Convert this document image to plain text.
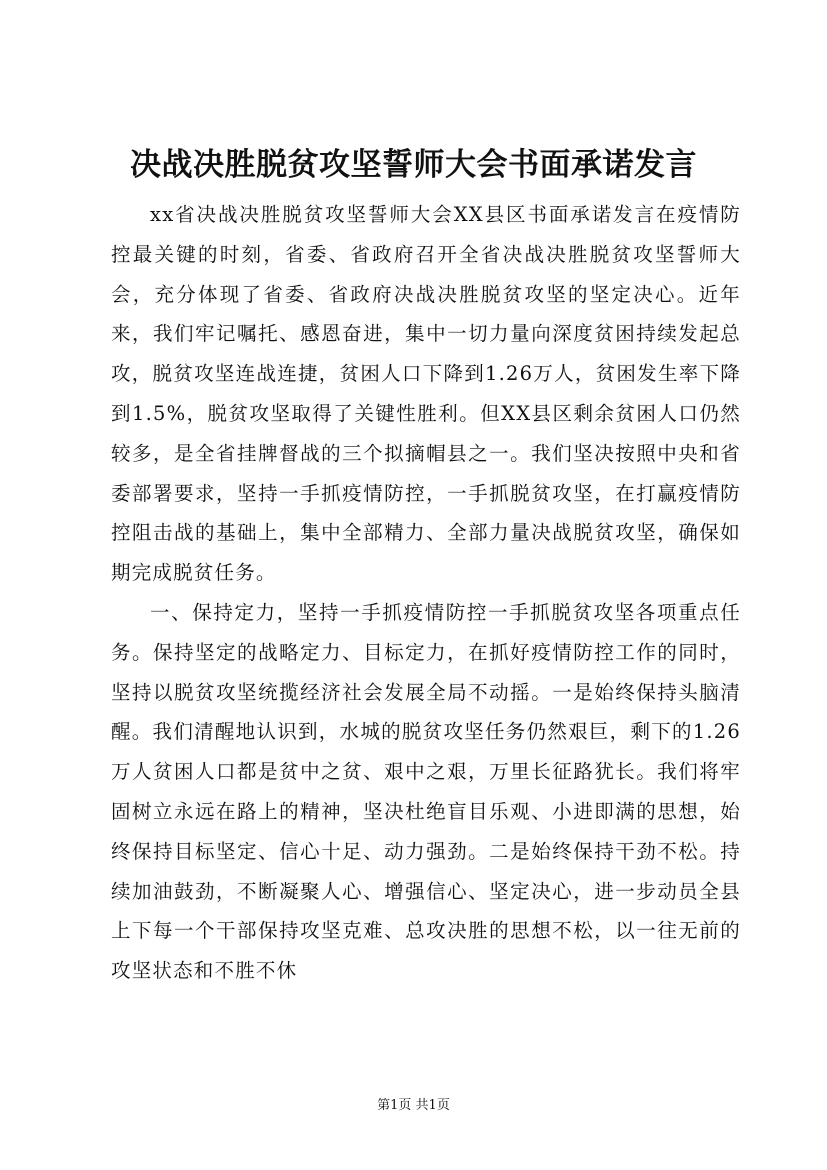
决战决胜脱贫攻坚誓师大会书面承诺发言

xx省决战决胜脱贫攻坚誓师大会XX县区书面承诺发言在疫情防控最关键的时刻，省委、省政府召开全省决战决胜脱贫攻坚誓师大会，充分体现了省委、省政府决战决胜脱贫攻坚的坚定决心。近年来，我们牢记嘱托、感恩奋进，集中一切力量向深度贫困持续发起总攻，脱贫攻坚连战连捷，贫困人口下降到1.26万人，贫困发生率下降到1.5%，脱贫攻坚取得了关键性胜利。但XX县区剩余贫困人口仍然较多，是全省挂牌督战的三个拟摘帽县之一。我们坚决按照中央和省委部署要求，坚持一手抓疫情防控，一手抓脱贫攻坚，在打赢疫情防控阻击战的基础上，集中全部精力、全部力量决战脱贫攻坚，确保如期完成脱贫任务。

一、保持定力，坚持一手抓疫情防控一手抓脱贫攻坚各项重点任务。保持坚定的战略定力、目标定力，在抓好疫情防控工作的同时，坚持以脱贫攻坚统揽经济社会发展全局不动摇。一是始终保持头脑清醒。我们清醒地认识到，水城的脱贫攻坚任务仍然艰巨，剩下的1.26万人贫困人口都是贫中之贫、艰中之艰，万里长征路犹长。我们将牢固树立永远在路上的精神，坚决杜绝盲目乐观、小进即满的思想，始终保持目标坚定、信心十足、动力强劲。二是始终保持干劲不松。持续加油鼓劲，不断凝聚人心、增强信心、坚定决心，进一步动员全县上下每一个干部保持攻坚克难、总攻决胜的思想不松，以一往无前的攻坚状态和不胜不休

第1页 共1页
